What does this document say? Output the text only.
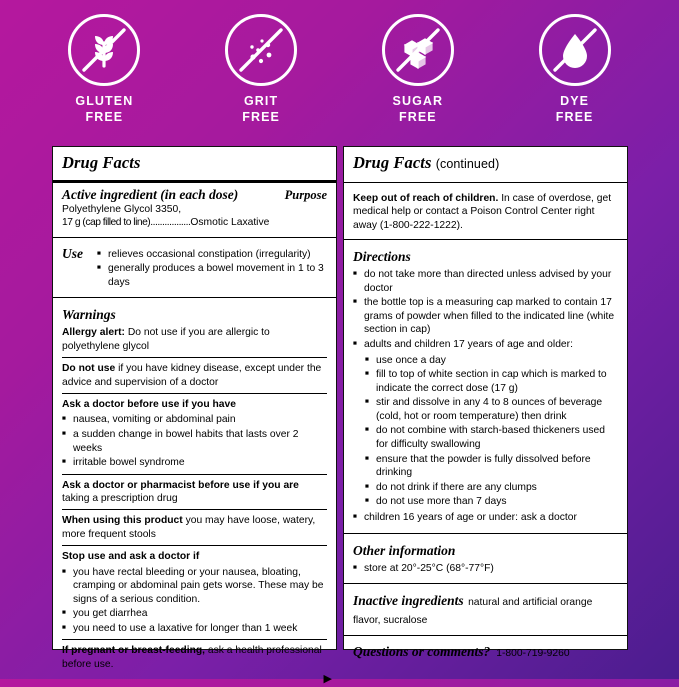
GLUTEN
FREE
GRIT
FREE
SUGAR
FREE
DYE
FREE
Drug Facts
Active ingredient (in each dose)	Purpose
Polyethylene Glycol 3350,
17 g (cap filled to line).................Osmotic Laxative
Use	■ relieves occasional constipation (irregularity)
■ generally produces a bowel movement in 1 to 3 days
Warnings
Allergy alert: Do not use if you are allergic to polyethylene glycol
Do not use if you have kidney disease, except under the advice and supervision of a doctor
Ask a doctor before use if you have
■ nausea, vomiting or abdominal pain
■ a sudden change in bowel habits that lasts over 2 weeks
■ irritable bowel syndrome
Ask a doctor or pharmacist before use if you are taking a prescription drug
When using this product you may have loose, watery, more frequent stools
Stop use and ask a doctor if
■ you have rectal bleeding or your nausea, bloating, cramping or abdominal pain gets worse. These may be signs of a serious condition.
■ you get diarrhea
■ you need to use a laxative for longer than 1 week
If pregnant or breast-feeding, ask a health professional before use.
▶
Drug Facts (continued)
Keep out of reach of children. In case of overdose, get medical help or contact a Poison Control Center right away (1-800-222-1222).
Directions
■ do not take more than directed unless advised by your doctor
■ the bottle top is a measuring cap marked to contain 17 grams of powder when filled to the indicated line (white section in cap)
■ adults and children 17 years of age and older:
■ use once a day
■ fill to top of white section in cap which is marked to indicate the correct dose (17 g)
■ stir and dissolve in any 4 to 8 ounces of beverage (cold, hot or room temperature) then drink
■ do not combine with starch-based thickeners used for difficulty swallowing
■ ensure that the powder is fully dissolved before drinking
■ do not drink if there are any clumps
■ do not use more than 7 days
■ children 16 years of age or under: ask a doctor
Other information
■ store at 20°-25°C (68°-77°F)
Inactive ingredients natural and artificial orange flavor, sucralose
Questions or comments? 1-800-719-9260
